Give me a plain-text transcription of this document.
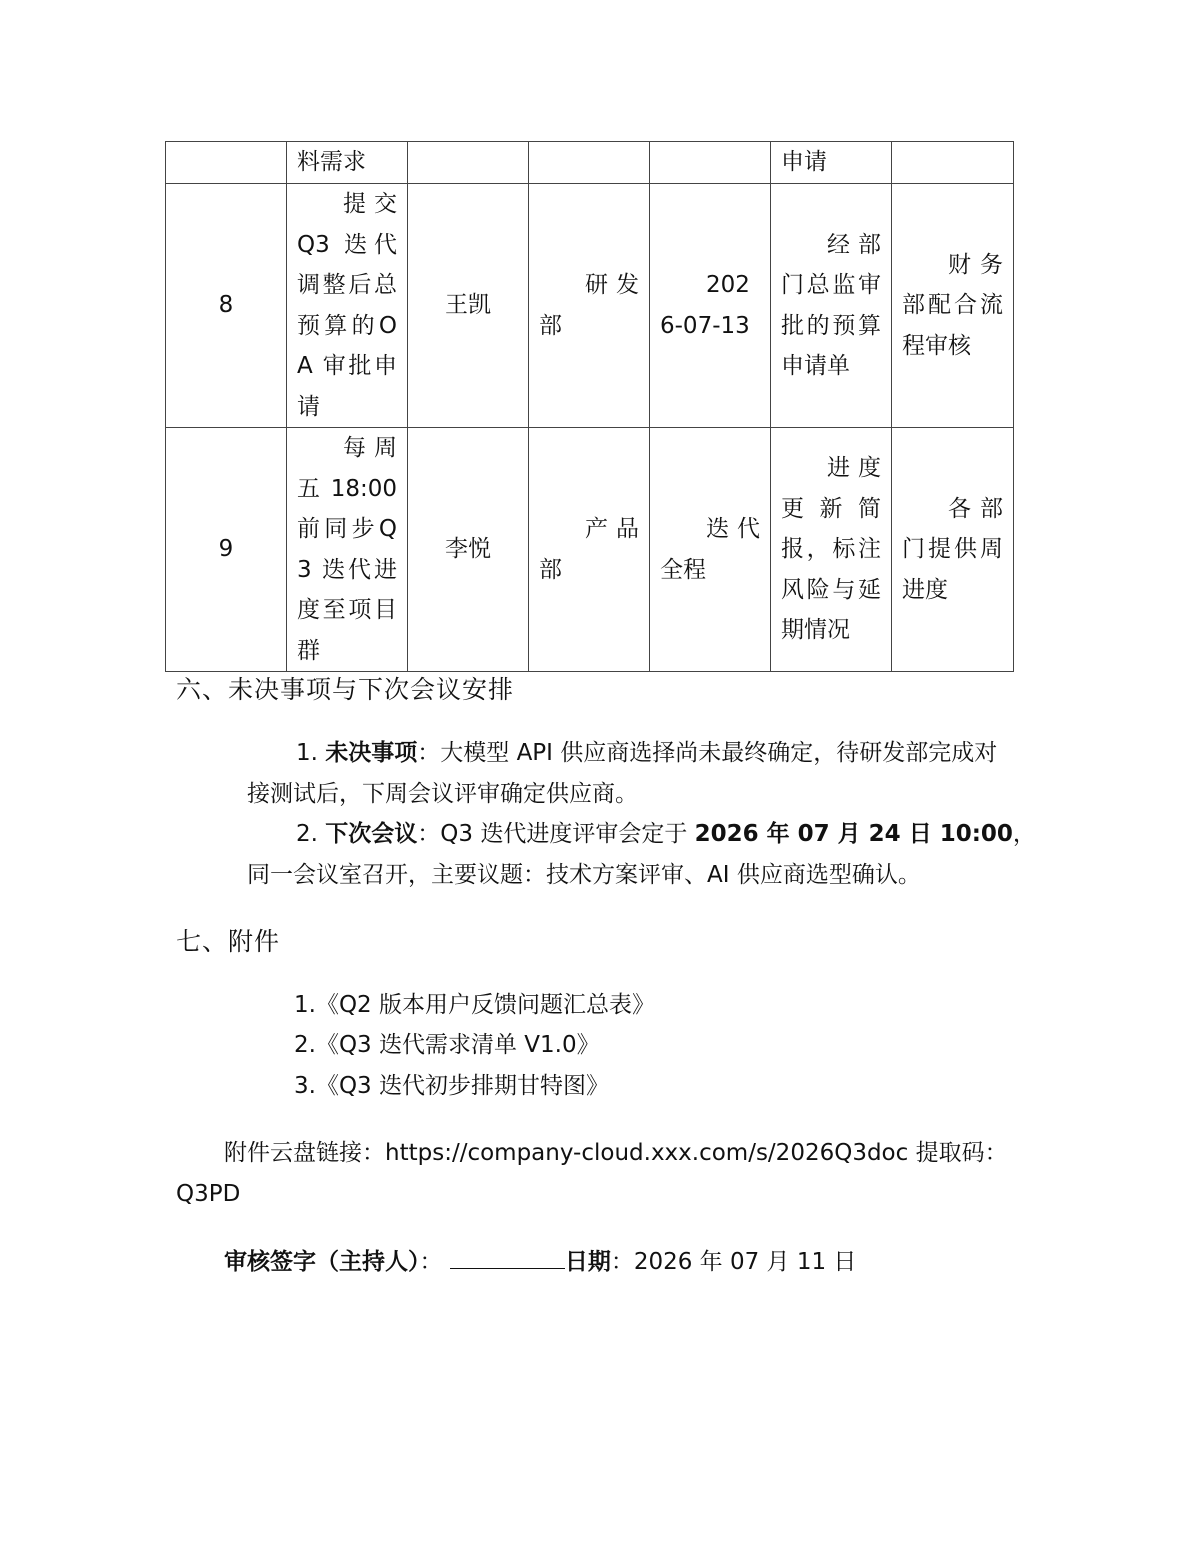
	料需求				申请	
8	提交Q3 迭代调整后总预算的OA 审批申请	王凯	研发部	2026-07-13	经部门总监审批的预算申请单	财务部配合流程审核
9	每周五 18:00 前同步Q3 迭代进度至项目群	李悦	产品部	迭代全程	进度更新简报，标注风险与延期情况	各部门提供周进度
六、未决事项与下次会议安排
1. 未决事项：大模型 API 供应商选择尚未最终确定，待研发部完成对
接测试后，下周会议评审确定供应商。
2. 下次会议：Q3 迭代进度评审会定于 2026 年 07 月 24 日 10:00，
同一会议室召开，主要议题：技术方案评审、AI 供应商选型确认。
七、附件
1.《Q2 版本用户反馈问题汇总表》
2.《Q3 迭代需求清单 V1.0》
3.《Q3 迭代初步排期甘特图》
附件云盘链接：https://company-cloud.xxx.com/s/2026Q3doc 提取码：
Q3PD
审核签字（主持人）：	日期：2026 年 07 月 11 日
